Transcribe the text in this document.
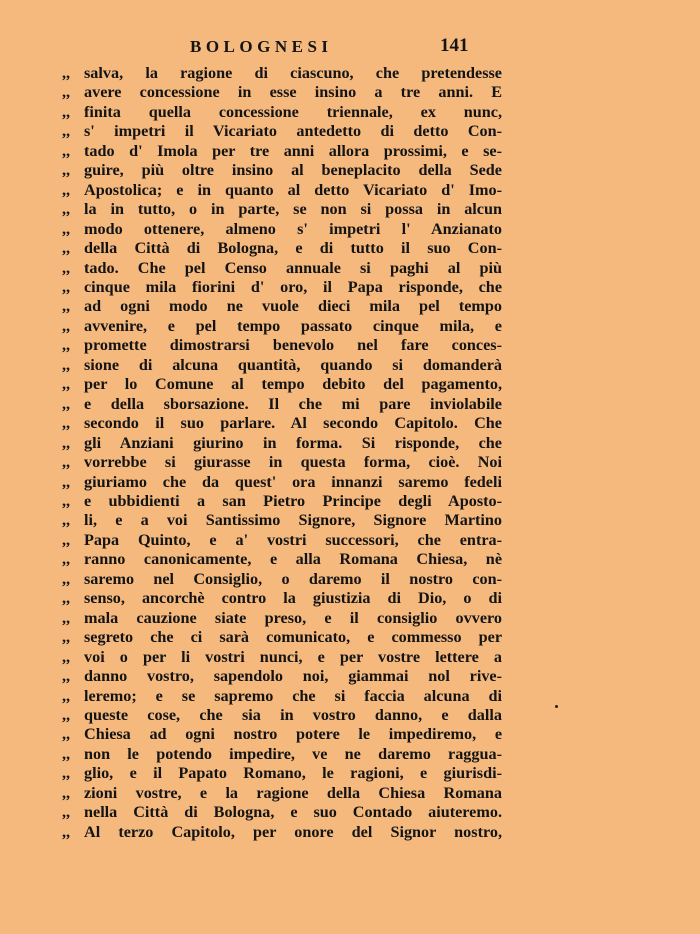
BOLOGNESI	141
,, salva, la ragione di ciascuno, che pretendesse
,, avere concessione in esse insino a tre anni. E
,, finita quella concessione triennale, ex nunc,
,, s' impetri il Vicariato antedetto di detto Con-
,, tado d' Imola per tre anni allora prossimi, e se-
,, guire, più oltre insino al beneplacito della Sede
,, Apostolica; e in quanto al detto Vicariato d' Imo-
,, la in tutto, o in parte, se non si possa in alcun
,, modo ottenere, almeno s' impetri l' Anzianato
,, della Città di Bologna, e di tutto il suo Con-
,, tado. Che pel Censo annuale si paghi al più
,, cinque mila fiorini d' oro, il Papa risponde, che
,, ad ogni modo ne vuole dieci mila pel tempo
,, avvenire, e pel tempo passato cinque mila, e
,, promette dimostrarsi benevolo nel fare conces-
,, sione di alcuna quantità, quando si domanderà
,, per lo Comune al tempo debito del pagamento,
,, e della sborsazione. Il che mi pare inviolabile
,, secondo il suo parlare. Al secondo Capitolo. Che
,, gli Anziani giurino in forma. Si risponde, che
,, vorrebbe si giurasse in questa forma, cioè. Noi
,, giuriamo che da quest' ora innanzi saremo fedeli
,, e ubbidienti a san Pietro Principe degli Aposto-
,, li, e a voi Santissimo Signore, Signore Martino
,, Papa Quinto, e a' vostri successori, che entra-
,, ranno canonicamente, e alla Romana Chiesa, nè
,, saremo nel Consiglio, o daremo il nostro con-
,, senso, ancorchè contro la giustizia di Dio, o di
,, mala cauzione siate preso, e il consiglio ovvero
,, segreto che ci sarà comunicato, e commesso per
,, voi o per li vostri nunci, e per vostre lettere a
,, danno vostro, sapendolo noi, giammai nol rive-
,, leremo; e se sapremo che si faccia alcuna di
,, queste cose, che sia in vostro danno, e dalla
,, Chiesa ad ogni nostro potere le impediremo, e
,, non le potendo impedire, ve ne daremo raggua-
,, glio, e il Papato Romano, le ragioni, e giurisdi-
,, zioni vostre, e la ragione della Chiesa Romana
,, nella Città di Bologna, e suo Contado aiuteremo.
,, Al terzo Capitolo, per onore del Signor nostro,
